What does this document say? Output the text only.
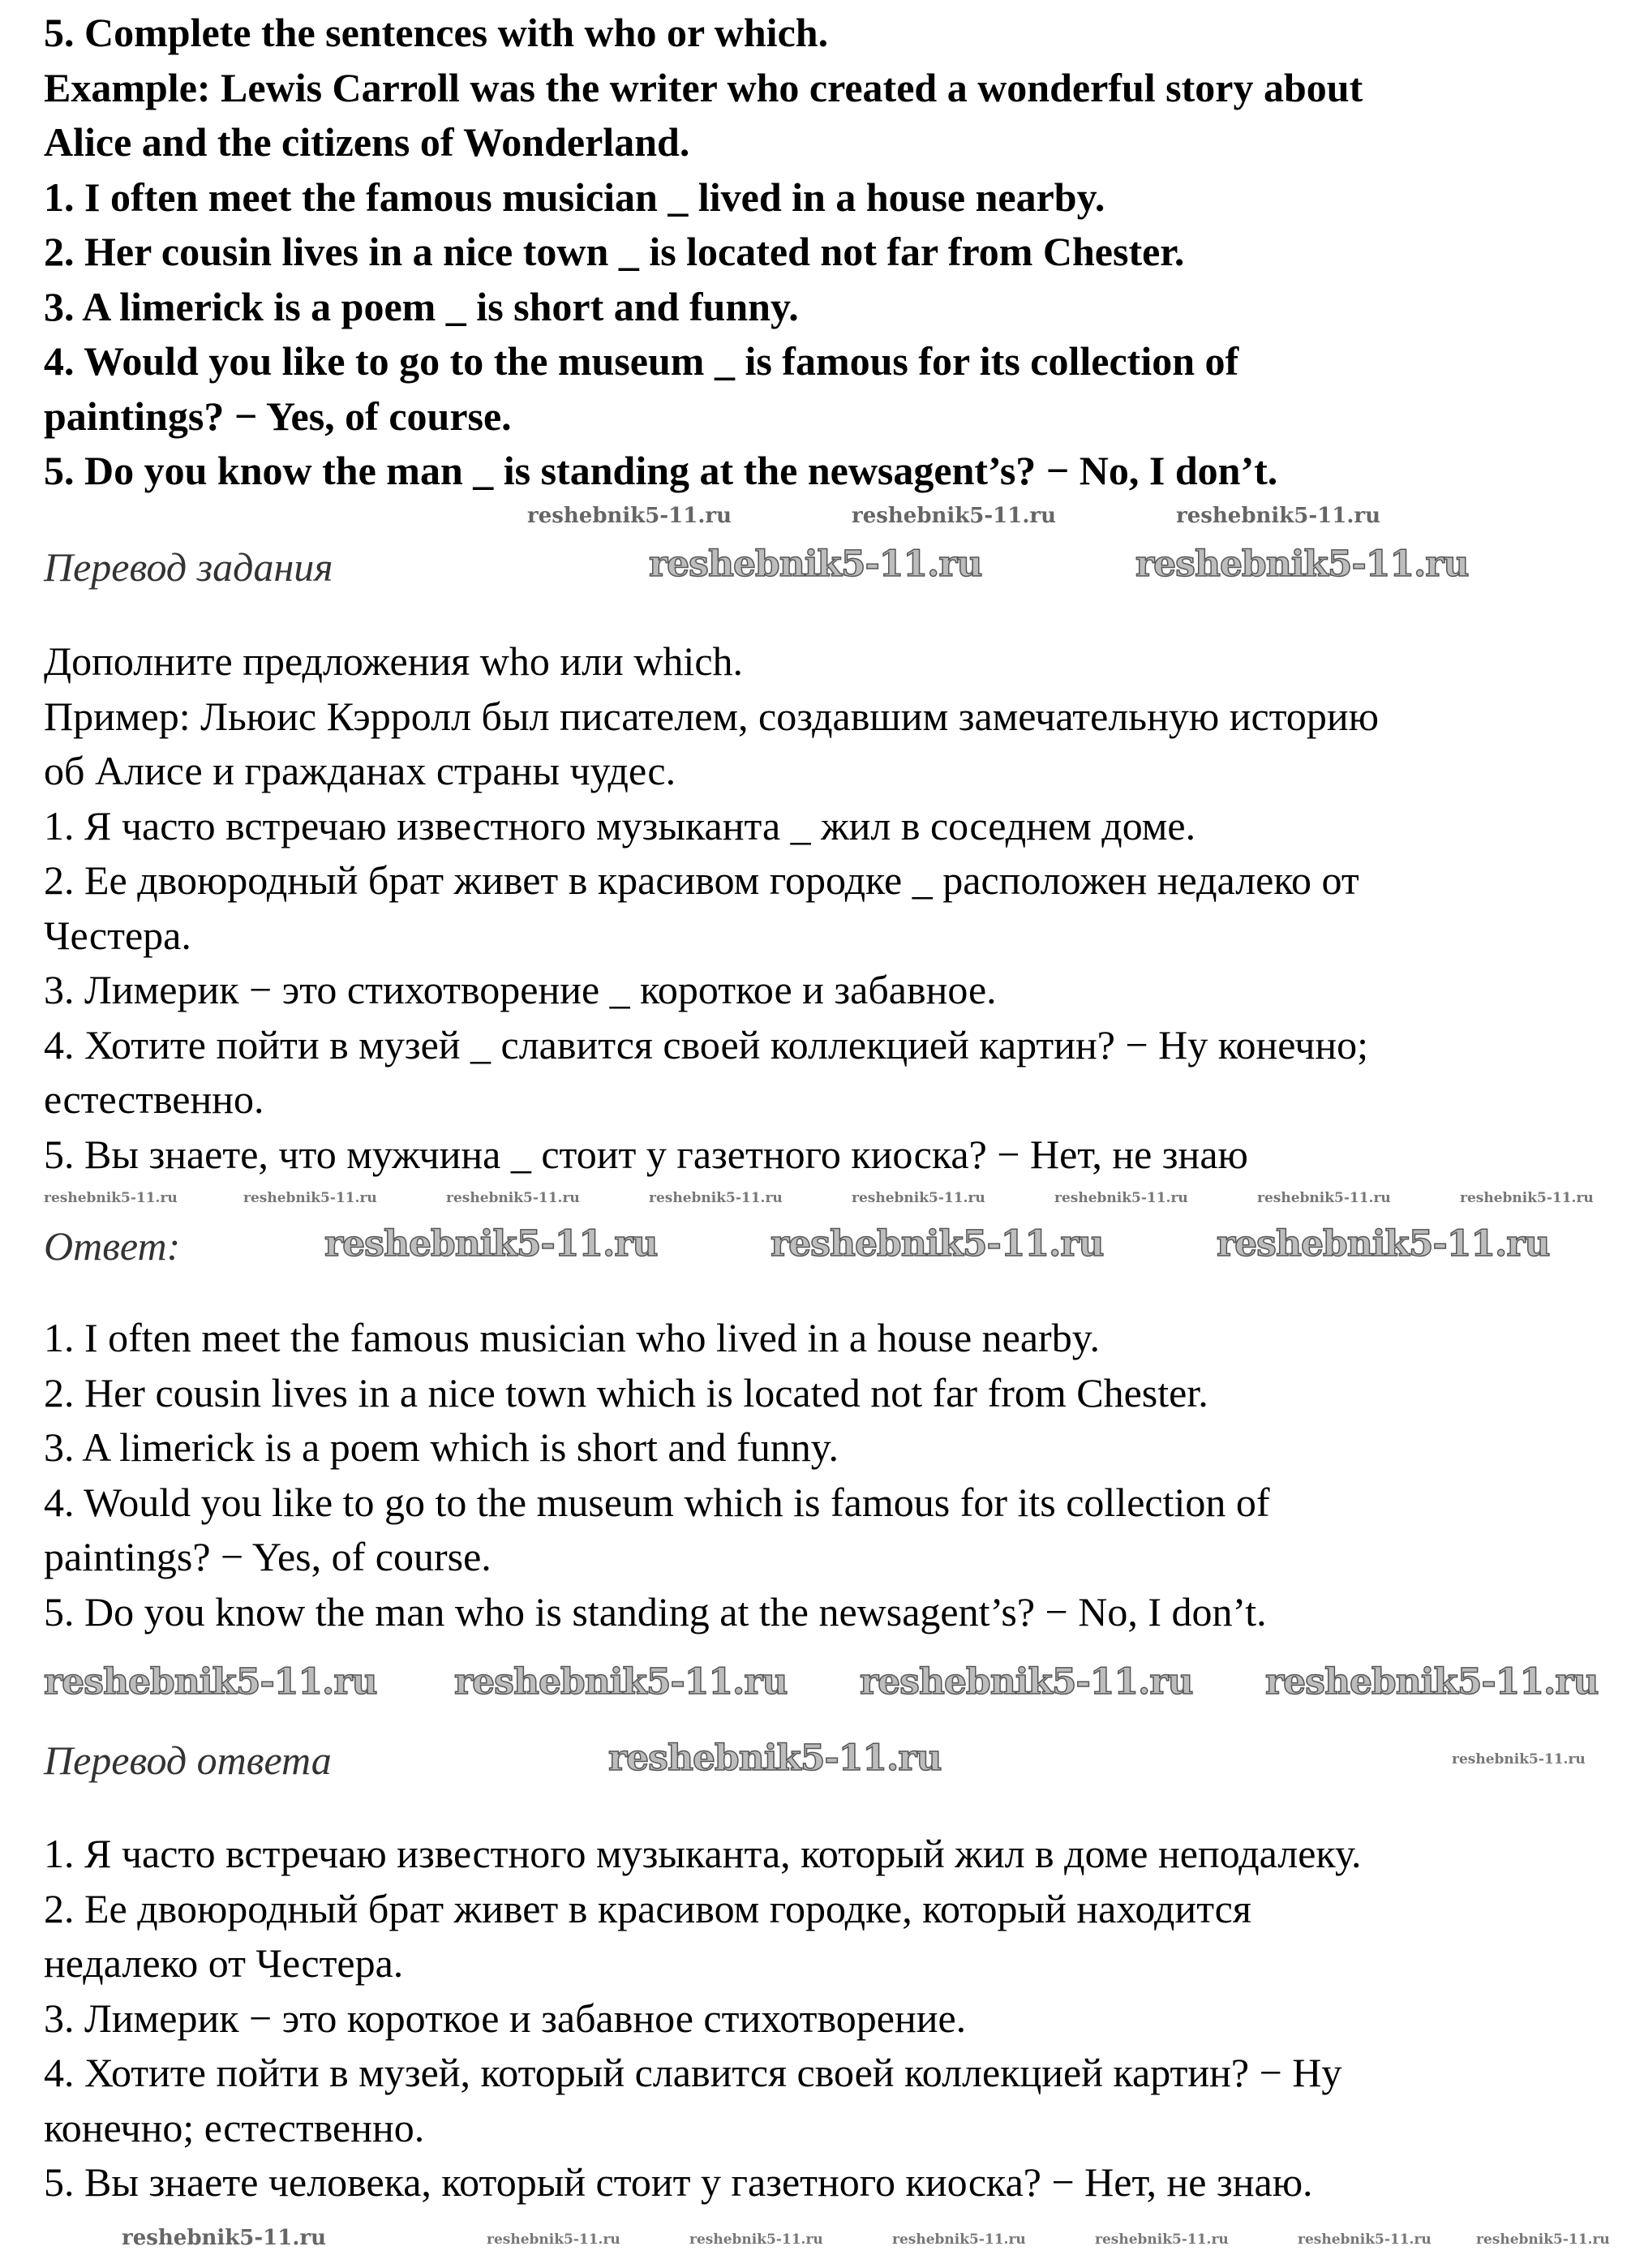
5. Complete the sentences with who or which.
Example: Lewis Carroll was the writer who created a wonderful story about
Alice and the citizens of Wonderland.
1. I often meet the famous musician _ lived in a house nearby.
2. Her cousin lives in a nice town _ is located not far from Chester.
3. A limerick is a poem _ is short and funny.
4. Would you like to go to the museum _ is famous for its collection of
paintings? − Yes, of course.
5. Do you know the man _ is standing at the newsagent’s? − No, I don’t.
Перевод задания
Дополните предложения who или which.
Пример: Льюис Кэрролл был писателем, создавшим замечательную историю
об Алисе и гражданах страны чудес.
1. Я часто встречаю известного музыканта _ жил в соседнем доме.
2. Ее двоюродный брат живет в красивом городке _ расположен недалеко от
Честера.
3. Лимерик − это стихотворение _ короткое и забавное.
4. Хотите пойти в музей _ славится своей коллекцией картин? − Ну конечно;
естественно.
5. Вы знаете, что мужчина _ стоит у газетного киоска? − Нет, не знаю
Ответ:
1. I often meet the famous musician who lived in a house nearby.
2. Her cousin lives in a nice town which is located not far from Chester.
3. A limerick is a poem which is short and funny.
4. Would you like to go to the museum which is famous for its collection of
paintings? − Yes, of course.
5. Do you know the man who is standing at the newsagent’s? − No, I don’t.
Перевод ответа
1. Я часто встречаю известного музыканта, который жил в доме неподалеку.
2. Ее двоюродный брат живет в красивом городке, который находится
недалеко от Честера.
3. Лимерик − это короткое и забавное стихотворение.
4. Хотите пойти в музей, который славится своей коллекцией картин? − Ну
конечно; естественно.
5. Вы знаете человека, который стоит у газетного киоска? − Нет, не знаю.
reshebnik5-11.ru	reshebnik5-11.ru
reshebnik5-11.ru	reshebnik5-11.ru	reshebnik5-11.ru
reshebnik5-11.ru reshebnik5-11.ru reshebnik5-11.ru reshebnik5-11.ru
reshebnik5-11.ru
reshebnik5-11.ru	reshebnik5-11.ru	reshebnik5-11.ru
reshebnik5-11.ru
reshebnik5-11.ru	reshebnik5-11.ru	reshebnik5-11.ru	reshebnik5-11.ru	reshebnik5-11.ru	reshebnik5-11.ru	reshebnik5-11.ru	reshebnik5-11.ru
reshebnik5-11.ru	reshebnik5-11.ru	reshebnik5-11.ru	reshebnik5-11.ru	reshebnik5-11.ru	reshebnik5-11.ru
reshebnik5-11.ru
